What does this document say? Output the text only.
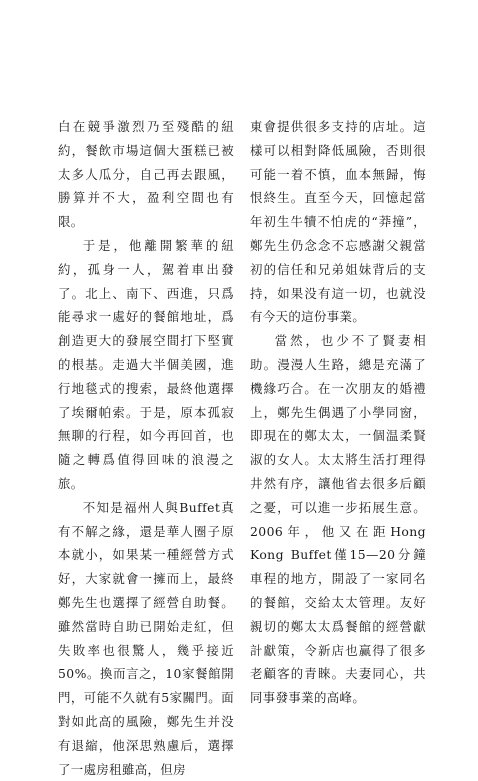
白在競爭激烈乃至殘酷的紐約，餐飲市場這個大蛋糕已被太多人瓜分，自己再去跟風，勝算并不大，盈利空間也有限。

于是，他離開繁華的紐約，孤身一人，駕着車出發了。北上、南下、西進，只爲能尋求一處好的餐館地址，爲創造更大的發展空間打下堅實的根基。走過大半個美國，進行地毯式的搜索，最終他選擇了埃爾帕索。于是，原本孤寂無聊的行程，如今再回首，也隨之轉爲值得回味的浪漫之旅。

不知是福州人與Buffet真有不解之緣，還是華人圈子原本就小，如果某一種經營方式好，大家就會一擁而上，最終鄭先生也選擇了經營自助餐。雖然當時自助已開始走紅，但失敗率也很驚人，幾乎接近50%。換而言之，10家餐館開門，可能不久就有5家關門。面對如此高的風險，鄭先生并没有退縮，他深思熟慮后，選擇了一處房租雖高，但房

東會提供很多支持的店址。這樣可以相對降低風險，否則很可能一着不慎，血本無歸，悔恨終生。直至今天，回憶起當年初生牛犢不怕虎的“莽撞”，鄭先生仍念念不忘感謝父親當初的信任和兄弟姐妹背后的支持，如果没有這一切，也就没有今天的這份事業。

當然，也少不了賢妻相助。漫漫人生路，總是充滿了機緣巧合。在一次朋友的婚禮上，鄭先生偶遇了小學同窗，即現在的鄭太太，一個温柔賢淑的女人。太太將生活打理得井然有序，讓他省去很多后顧之憂，可以進一步拓展生意。2006年，他又在距Hong Kong Buffet僅15—20分鐘車程的地方，開設了一家同名的餐館，交給太太管理。友好親切的鄭太太爲餐館的經營獻計獻策，令新店也赢得了很多老顧客的青睞。夫妻同心，共同事發事業的高峰。
